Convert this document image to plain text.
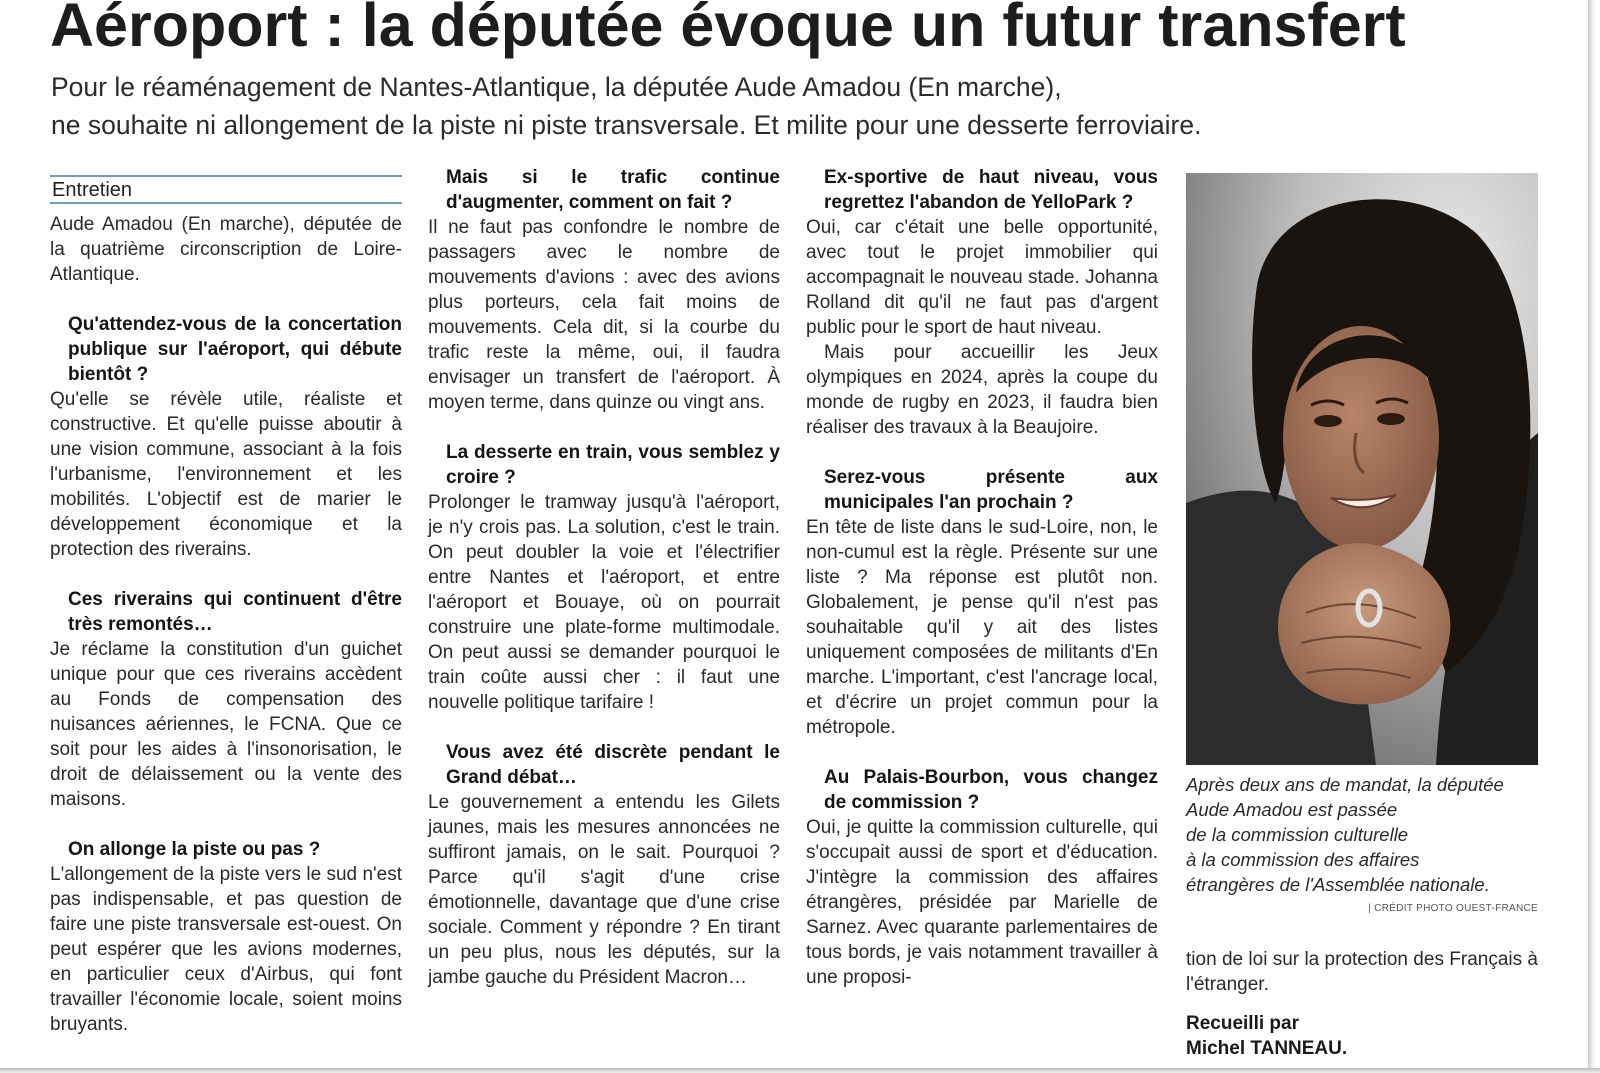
Aéroport : la députée évoque un futur transfert
Pour le réaménagement de Nantes-Atlantique, la députée Aude Amadou (En marche),
ne souhaite ni allongement de la piste ni piste transversale. Et milite pour une desserte ferroviaire.
Entretien

Aude Amadou (En marche), députée de la quatrième circonscription de Loire-Atlantique.

Qu'attendez-vous de la concertation publique sur l'aéroport, qui débute bientôt ?

Qu'elle se révèle utile, réaliste et constructive. Et qu'elle puisse aboutir à une vision commune, associant à la fois l'urbanisme, l'environnement et les mobilités. L'objectif est de marier le développement économique et la protection des riverains.

Ces riverains qui continuent d'être très remontés…

Je réclame la constitution d'un guichet unique pour que ces riverains accèdent au Fonds de compensation des nuisances aériennes, le FCNA. Que ce soit pour les aides à l'insonorisation, le droit de délaissement ou la vente des maisons.

On allonge la piste ou pas ?

L'allongement de la piste vers le sud n'est pas indispensable, et pas question de faire une piste transversale est-ouest. On peut espérer que les avions modernes, en particulier ceux d'Airbus, qui font travailler l'économie locale, soient moins bruyants.

Mais si le trafic continue d'augmenter, comment on fait ?

Il ne faut pas confondre le nombre de passagers avec le nombre de mouvements d'avions : avec des avions plus porteurs, cela fait moins de mouvements. Cela dit, si la courbe du trafic reste la même, oui, il faudra envisager un transfert de l'aéroport. À moyen terme, dans quinze ou vingt ans.

La desserte en train, vous semblez y croire ?

Prolonger le tramway jusqu'à l'aéroport, je n'y crois pas. La solution, c'est le train. On peut doubler la voie et l'électrifier entre Nantes et l'aéroport, et entre l'aéroport et Bouaye, où on pourrait construire une plate-forme multimodale. On peut aussi se demander pourquoi le train coûte aussi cher : il faut une nouvelle politique tarifaire !

Vous avez été discrète pendant le Grand débat…

Le gouvernement a entendu les Gilets jaunes, mais les mesures annoncées ne suffiront jamais, on le sait. Pourquoi ? Parce qu'il s'agit d'une crise émotionnelle, davantage que d'une crise sociale. Comment y répondre ? En tirant un peu plus, nous les députés, sur la jambe gauche du Président Macron…

Ex-sportive de haut niveau, vous regrettez l'abandon de YelloPark ?

Oui, car c'était une belle opportunité, avec tout le projet immobilier qui accompagnait le nouveau stade. Johanna Rolland dit qu'il ne faut pas d'argent public pour le sport de haut niveau.

Mais pour accueillir les Jeux olympiques en 2024, après la coupe du monde de rugby en 2023, il faudra bien réaliser des travaux à la Beaujoire.

Serez-vous présente aux municipales l'an prochain ?

En tête de liste dans le sud-Loire, non, le non-cumul est la règle. Présente sur une liste ? Ma réponse est plutôt non. Globalement, je pense qu'il n'est pas souhaitable qu'il y ait des listes uniquement composées de militants d'En marche. L'important, c'est l'ancrage local, et d'écrire un projet commun pour la métropole.

Au Palais-Bourbon, vous changez de commission ?

Oui, je quitte la commission culturelle, qui s'occupait aussi de sport et d'éducation. J'intègre la commission des affaires étrangères, présidée par Marielle de Sarnez. Avec quarante parlementaires de tous bords, je vais notamment travailler à une proposi-

Après deux ans de mandat, la députée
Aude Amadou est passée
de la commission culturelle
à la commission des affaires
étrangères de l'Assemblée nationale.

| CRÉDIT PHOTO OUEST-FRANCE

tion de loi sur la protection des Français à l'étranger.

Recueilli par

Michel TANNEAU.
